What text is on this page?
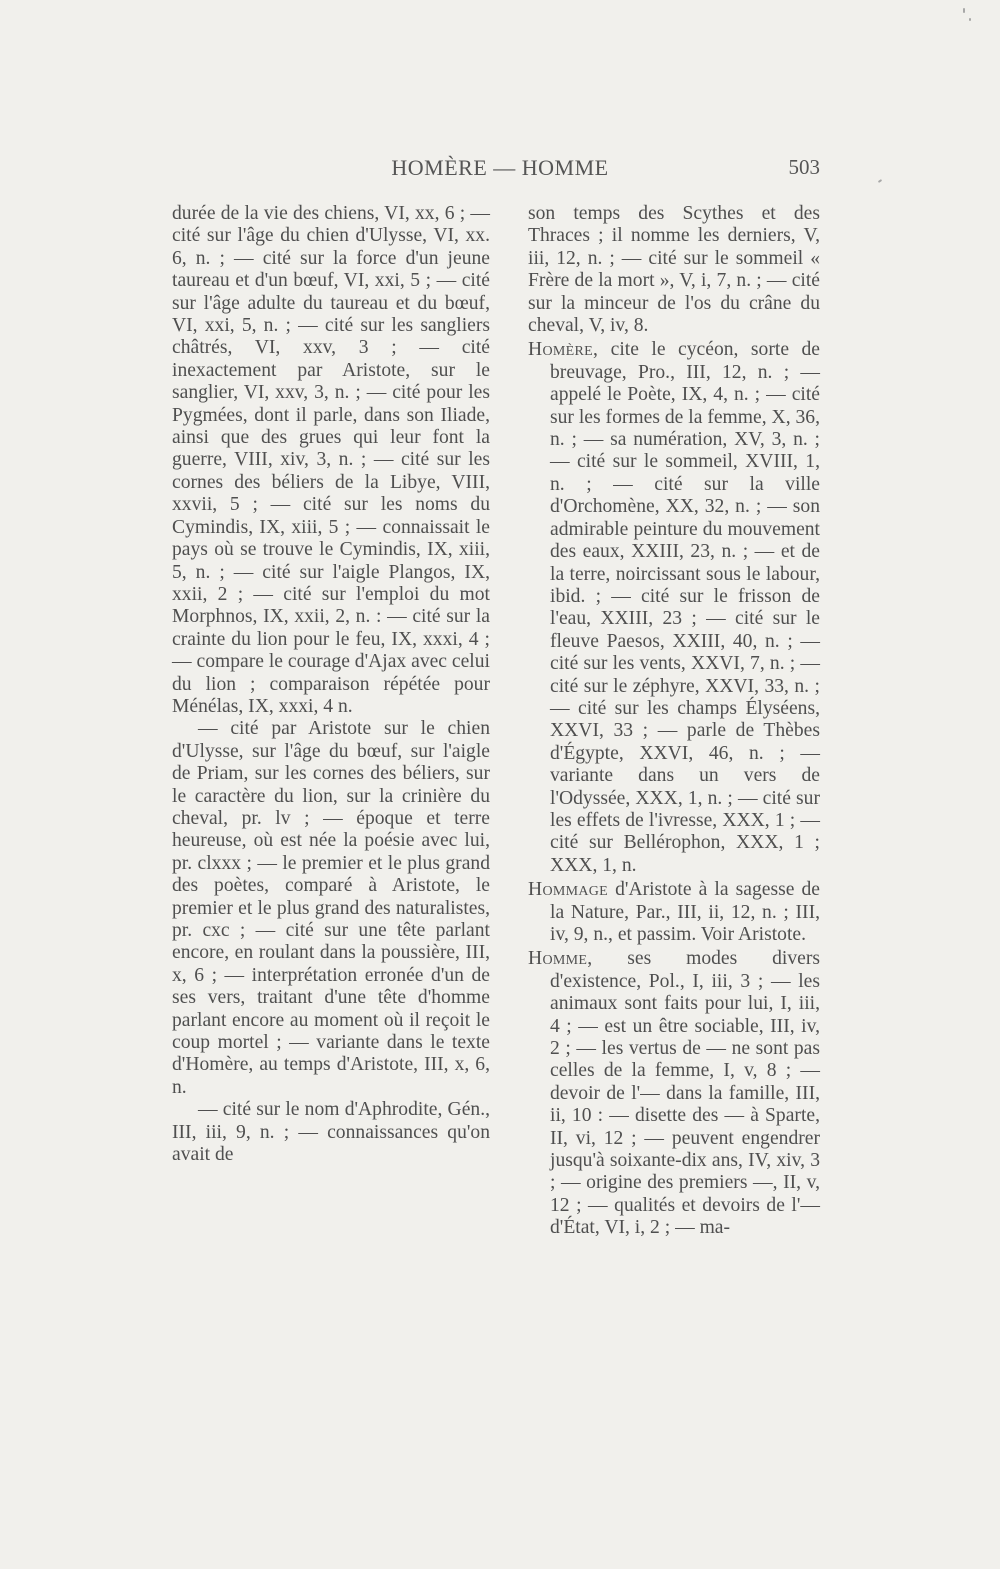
HOMÈRE — HOMME	503

durée de la vie des chiens, VI, xx, 6 ; — cité sur l'âge du chien d'Ulysse, VI, xx. 6, n. ; — cité sur la force d'un jeune taureau et d'un bœuf, VI, xxi, 5 ; — cité sur l'âge adulte du taureau et du bœuf, VI, xxi, 5, n. ; — cité sur les sangliers châtrés, VI, xxv, 3 ; — cité inexactement par Aristote, sur le sanglier, VI, xxv, 3, n. ; — cité pour les Pygmées, dont il parle, dans son Iliade, ainsi que des grues qui leur font la guerre, VIII, xiv, 3, n. ; — cité sur les cornes des béliers de la Libye, VIII, xxvii, 5 ; — cité sur les noms du Cymindis, IX, xiii, 5 ; — connaissait le pays où se trouve le Cymindis, IX, xiii, 5, n. ; — cité sur l'aigle Plangos, IX, xxii, 2 ; — cité sur l'emploi du mot Morphnos, IX, xxii, 2, n. : — cité sur la crainte du lion pour le feu, IX, xxxi, 4 ; — compare le courage d'Ajax avec celui du lion ; comparaison répétée pour Ménélas, IX, xxxi, 4 n.

— cité par Aristote sur le chien d'Ulysse, sur l'âge du bœuf, sur l'aigle de Priam, sur les cornes des béliers, sur le caractère du lion, sur la crinière du cheval, pr. lv ; — époque et terre heureuse, où est née la poésie avec lui, pr. clxxx ; — le premier et le plus grand des poètes, comparé à Aristote, le premier et le plus grand des naturalistes, pr. cxc ; — cité sur une tête parlant encore, en roulant dans la poussière, III, x, 6 ; — interprétation erronée d'un de ses vers, traitant d'une tête d'homme parlant encore au moment où il reçoit le coup mortel ; — variante dans le texte d'Homère, au temps d'Aristote, III, x, 6, n.

— cité sur le nom d'Aphrodite, Gén., III, iii, 9, n. ; — connaissances qu'on avait de

son temps des Scythes et des Thraces ; il nomme les derniers, V, iii, 12, n. ; — cité sur le sommeil « Frère de la mort », V, i, 7, n. ; — cité sur la minceur de l'os du crâne du cheval, V, iv, 8.

Homère, cite le cycéon, sorte de breuvage, Pro., III, 12, n. ; — appelé le Poète, IX, 4, n. ; — cité sur les formes de la femme, X, 36, n. ; — sa numération, XV, 3, n. ; — cité sur le sommeil, XVIII, 1, n. ; — cité sur la ville d'Orchomène, XX, 32, n. ; — son admirable peinture du mouvement des eaux, XXIII, 23, n. ; — et de la terre, noircissant sous le labour, ibid. ; — cité sur le frisson de l'eau, XXIII, 23 ; — cité sur le fleuve Paesos, XXIII, 40, n. ; — cité sur les vents, XXVI, 7, n. ; — cité sur le zéphyre, XXVI, 33, n. ; — cité sur les champs Élyséens, XXVI, 33 ; — parle de Thèbes d'Égypte, XXVI, 46, n. ; — variante dans un vers de l'Odyssée, XXX, 1, n. ; — cité sur les effets de l'ivresse, XXX, 1 ; — cité sur Bellérophon, XXX, 1 ; XXX, 1, n.

Hommage d'Aristote à la sagesse de la Nature, Par., III, ii, 12, n. ; III, iv, 9, n., et passim. Voir Aristote.

Homme, ses modes divers d'existence, Pol., I, iii, 3 ; — les animaux sont faits pour lui, I, iii, 4 ; — est un être sociable, III, iv, 2 ; — les vertus de — ne sont pas celles de la femme, I, v, 8 ; — devoir de l'— dans la famille, III, ii, 10 : — disette des — à Sparte, II, vi, 12 ; — peuvent engendrer jusqu'à soixante-dix ans, IV, xiv, 3 ; — origine des premiers —, II, v, 12 ; — qualités et devoirs de l'— d'État, VI, i, 2 ; — ma-
